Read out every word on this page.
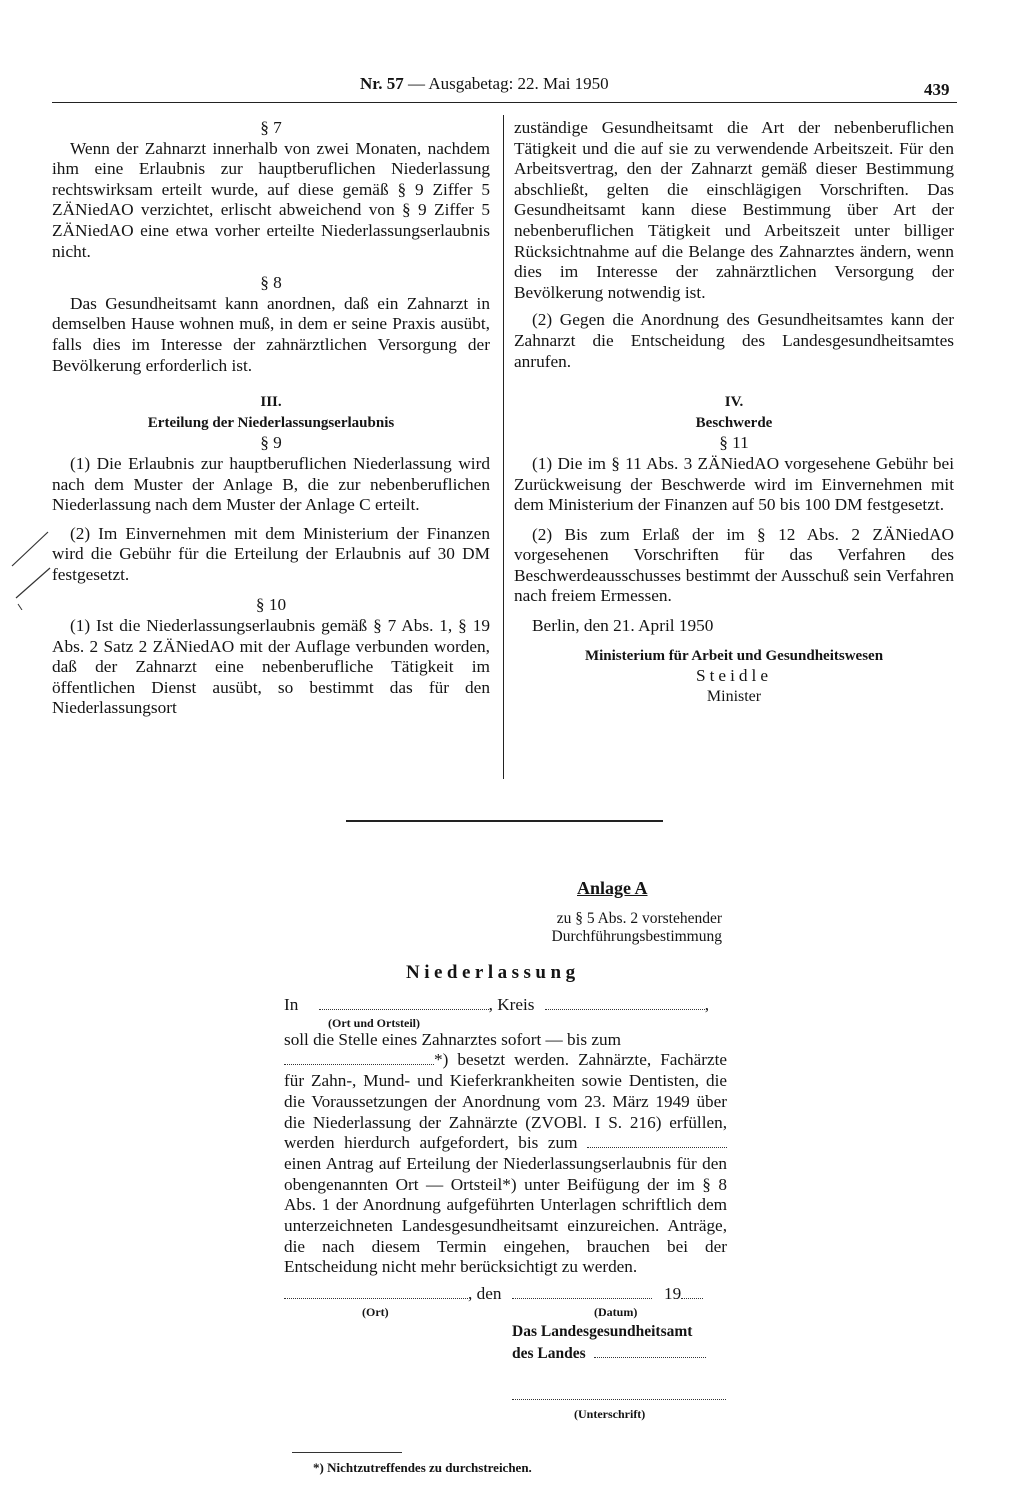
Nr. 57 — Ausgabetag: 22. Mai 1950	439

§ 7

Wenn der Zahnarzt innerhalb von zwei Monaten, nachdem ihm eine Erlaubnis zur hauptberuflichen Niederlassung rechtswirksam erteilt wurde, auf diese gemäß § 9 Ziffer 5 ZÄNiedAO verzichtet, erlischt abweichend von § 9 Ziffer 5 ZÄNiedAO eine etwa vorher erteilte Niederlassungserlaubnis nicht.

§ 8

Das Gesundheitsamt kann anordnen, daß ein Zahnarzt in demselben Hause wohnen muß, in dem er seine Praxis ausübt, falls dies im Interesse der zahnärztlichen Versorgung der Bevölkerung erforderlich ist.

III.

Erteilung der Niederlassungserlaubnis

§ 9

(1) Die Erlaubnis zur hauptberuflichen Niederlassung wird nach dem Muster der Anlage B, die zur nebenberuflichen Niederlassung nach dem Muster der Anlage C erteilt.

(2) Im Einvernehmen mit dem Ministerium der Finanzen wird die Gebühr für die Erteilung der Erlaubnis auf 30 DM festgesetzt.

§ 10

(1) Ist die Niederlassungserlaubnis gemäß § 7 Abs. 1, § 19 Abs. 2 Satz 2 ZÄNiedAO mit der Auflage verbunden worden, daß der Zahnarzt eine nebenberufliche Tätigkeit im öffentlichen Dienst ausübt, so bestimmt das für den Niederlassungsort

zuständige Gesundheitsamt die Art der nebenberuflichen Tätigkeit und die auf sie zu verwendende Arbeitszeit. Für den Arbeitsvertrag, den der Zahnarzt gemäß dieser Bestimmung abschließt, gelten die einschlägigen Vorschriften. Das Gesundheitsamt kann diese Bestimmung über Art der nebenberuflichen Tätigkeit und Arbeitszeit unter billiger Rücksichtnahme auf die Belange des Zahnarztes ändern, wenn dies im Interesse der zahnärztlichen Versorgung der Bevölkerung notwendig ist.

(2) Gegen die Anordnung des Gesundheitsamtes kann der Zahnarzt die Entscheidung des Landesgesundheitsamtes anrufen.

IV.

Beschwerde

§ 11

(1) Die im § 11 Abs. 3 ZÄNiedAO vorgesehene Gebühr bei Zurückweisung der Beschwerde wird im Einvernehmen mit dem Ministerium der Finanzen auf 50 bis 100 DM festgesetzt.

(2) Bis zum Erlaß der im § 12 Abs. 2 ZÄNiedAO vorgesehenen Vorschriften für das Verfahren des Beschwerdeausschusses bestimmt der Ausschuß sein Verfahren nach freiem Ermessen.

Berlin, den 21. April 1950

Ministerium für Arbeit und Gesundheitswesen

Steidle

Minister

Anlage A
zu § 5 Abs. 2 vorstehender
Durchführungsbestimmung
Niederlassung
In	, Kreis	,
(Ort und Ortsteil)
soll die Stelle eines Zahnarztes sofort — bis zum
*) besetzt werden. Zahnärzte, Fachärzte für Zahn-, Mund- und Kieferkrankheiten sowie Dentisten, die die Voraussetzungen der Anordnung vom 23. März 1949 über die Niederlassung der Zahnärzte (ZVOBl. I S. 216) erfüllen, werden hierdurch aufgefordert, bis zum  einen Antrag auf Erteilung der Niederlassungserlaubnis für den obengenannten Ort — Ortsteil*) unter Beifügung der im § 8 Abs. 1 der Anordnung aufgeführten Unterlagen schriftlich dem unterzeichneten Landesgesundheitsamt einzureichen. Anträge, die nach diesem Termin eingehen, brauchen bei der Entscheidung nicht mehr berücksichtigt zu werden.
, den	19
(Ort)	(Datum)
Das Landesgesundheitsamt
des Landes
(Unterschrift)
*) Nichtzutreffendes zu durchstreichen.
